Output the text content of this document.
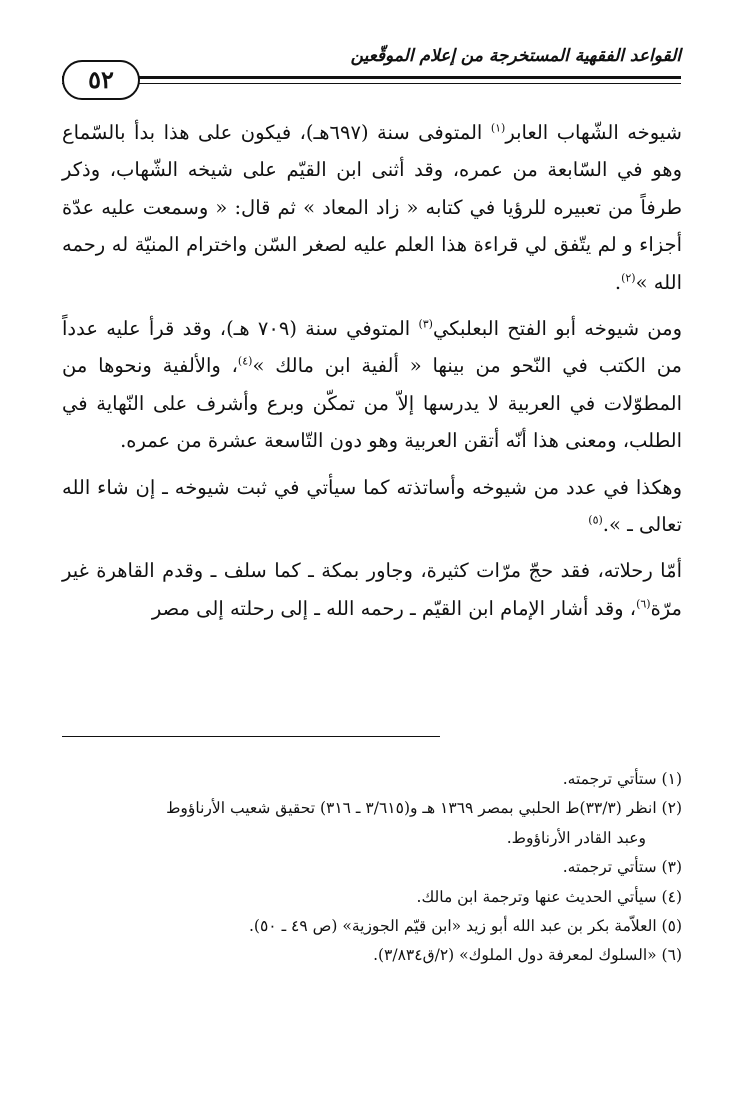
القواعد الفقهية المستخرجة من إعلام الموقّعين
٥٢

شيوخه الشّهاب العابر$^{(١)}$ المتوفى سنة (٦٩٧هـ)، فيكون على هذا بدأ بالسّماع وهو في السّابعة من عمره، وقد أثنى ابن القيّم على شيخه الشّهاب، وذكر طرفاً من تعبيره للرؤيا في كتابه « زاد المعاد » ثم قال: « وسمعت عليه عدّة أجزاء و لم يتّفق لي قراءة هذا العلم عليه لصغر السّن واخترام المنيّة له رحمه الله »$^{(٢)}$.

ومن شيوخه أبو الفتح البعلبكي$^{(٣)}$ المتوفي سنة (٧٠٩ هـ)، وقد قرأ عليه عدداً من الكتب في النّحو من بينها « ألفية ابن مالك »$^{(٤)}$، والألفية ونحوها من المطوّلات في العربية لا يدرسها إلاّ من تمكّن وبرع وأشرف على النّهاية في الطلب، ومعنى هذا أنّه أتقن العربية وهو دون التّاسعة عشرة من عمره.

وهكذا في عدد من شيوخه وأساتذته كما سيأتي في ثبت شيوخه ـ إن شاء الله تعالى ـ ».$^{(٥)}$

أمّا رحلاته، فقد حجّ مرّات كثيرة، وجاور بمكة ـ كما سلف ـ وقدم القاهرة غير مرّة$^{(٦)}$، وقد أشار الإمام ابن القيّم ـ رحمه الله ـ إلى رحلته إلى مصر

(١) ستأتي ترجمته.
(٢) انظر (٣٣/٣)ط الحلبي بمصر ١٣٦٩ هـ و(٣/٦١٥ ـ ٣١٦) تحقيق شعيب الأرناؤوط
وعبد القادر الأرناؤوط.
(٣) ستأتي ترجمته.
(٤) سيأتي الحديث عنها وترجمة ابن مالك.
(٥) العلاّمة بكر بن عبد الله أبو زيد «ابن قيّم الجوزية» (ص ٤٩ ـ ٥٠).
(٦) «السلوك لمعرفة دول الملوك» (٢/ق٣/٨٣٤).
